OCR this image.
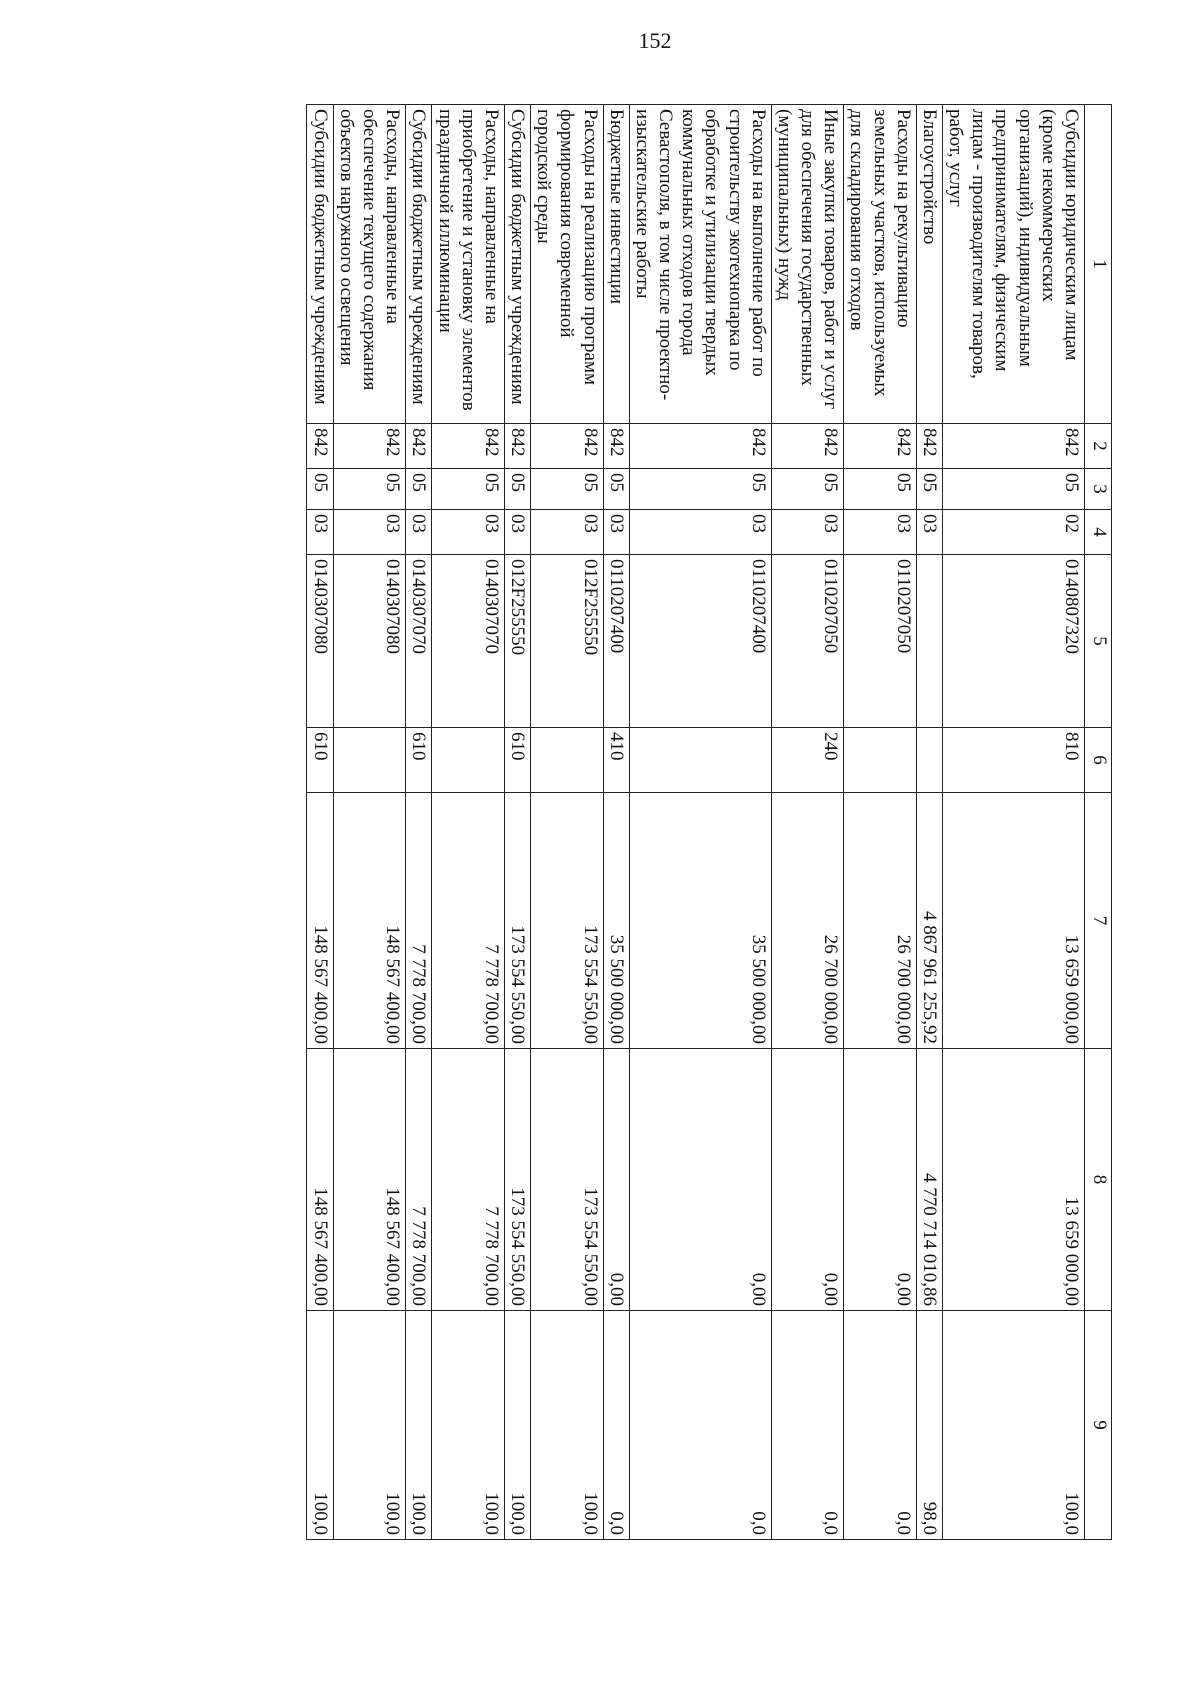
152
1	2	3	4	5	6	7	8	9
Субсидии юридическим лицам (кроме некоммерческих организаций), индивидуальным предпринимателям, физическим лицам - производителям товаров, работ, услуг	842	05	02	0140807320	810	13 659 000,00	13 659 000,00	100,0
Благоустройство	842	05	03			4 867 961 255,92	4 770 714 010,86	98,0
Расходы на рекультивацию земельных участков, используемых для складирования отходов	842	05	03	0110207050		26 700 000,00	0,00	0,0
Иные закупки товаров, работ и услуг для обеспечения государственных (муниципальных) нужд	842	05	03	0110207050	240	26 700 000,00	0,00	0,0
Расходы на выполнение работ по строительству экотехнопарка по обработке и утилизации твердых коммунальных отходов города Севастополя, в том числе проектно-изыскательские работы	842	05	03	0110207400		35 500 000,00	0,00	0,0
Бюджетные инвестиции	842	05	03	0110207400	410	35 500 000,00	0,00	0,0
Расходы на реализацию программ формирования современной городской среды	842	05	03	012F255550		173 554 550,00	173 554 550,00	100,0
Субсидии бюджетным учреждениям	842	05	03	012F255550	610	173 554 550,00	173 554 550,00	100,0
Расходы, направленные на приобретение и установку элементов праздничной иллюминации	842	05	03	0140307070		7 778 700,00	7 778 700,00	100,0
Субсидии бюджетным учреждениям	842	05	03	0140307070	610	7 778 700,00	7 778 700,00	100,0
Расходы, направленные на обеспечение текущего содержания объектов наружного освещения	842	05	03	0140307080		148 567 400,00	148 567 400,00	100,0
Субсидии бюджетным учреждениям	842	05	03	0140307080	610	148 567 400,00	148 567 400,00	100,0
